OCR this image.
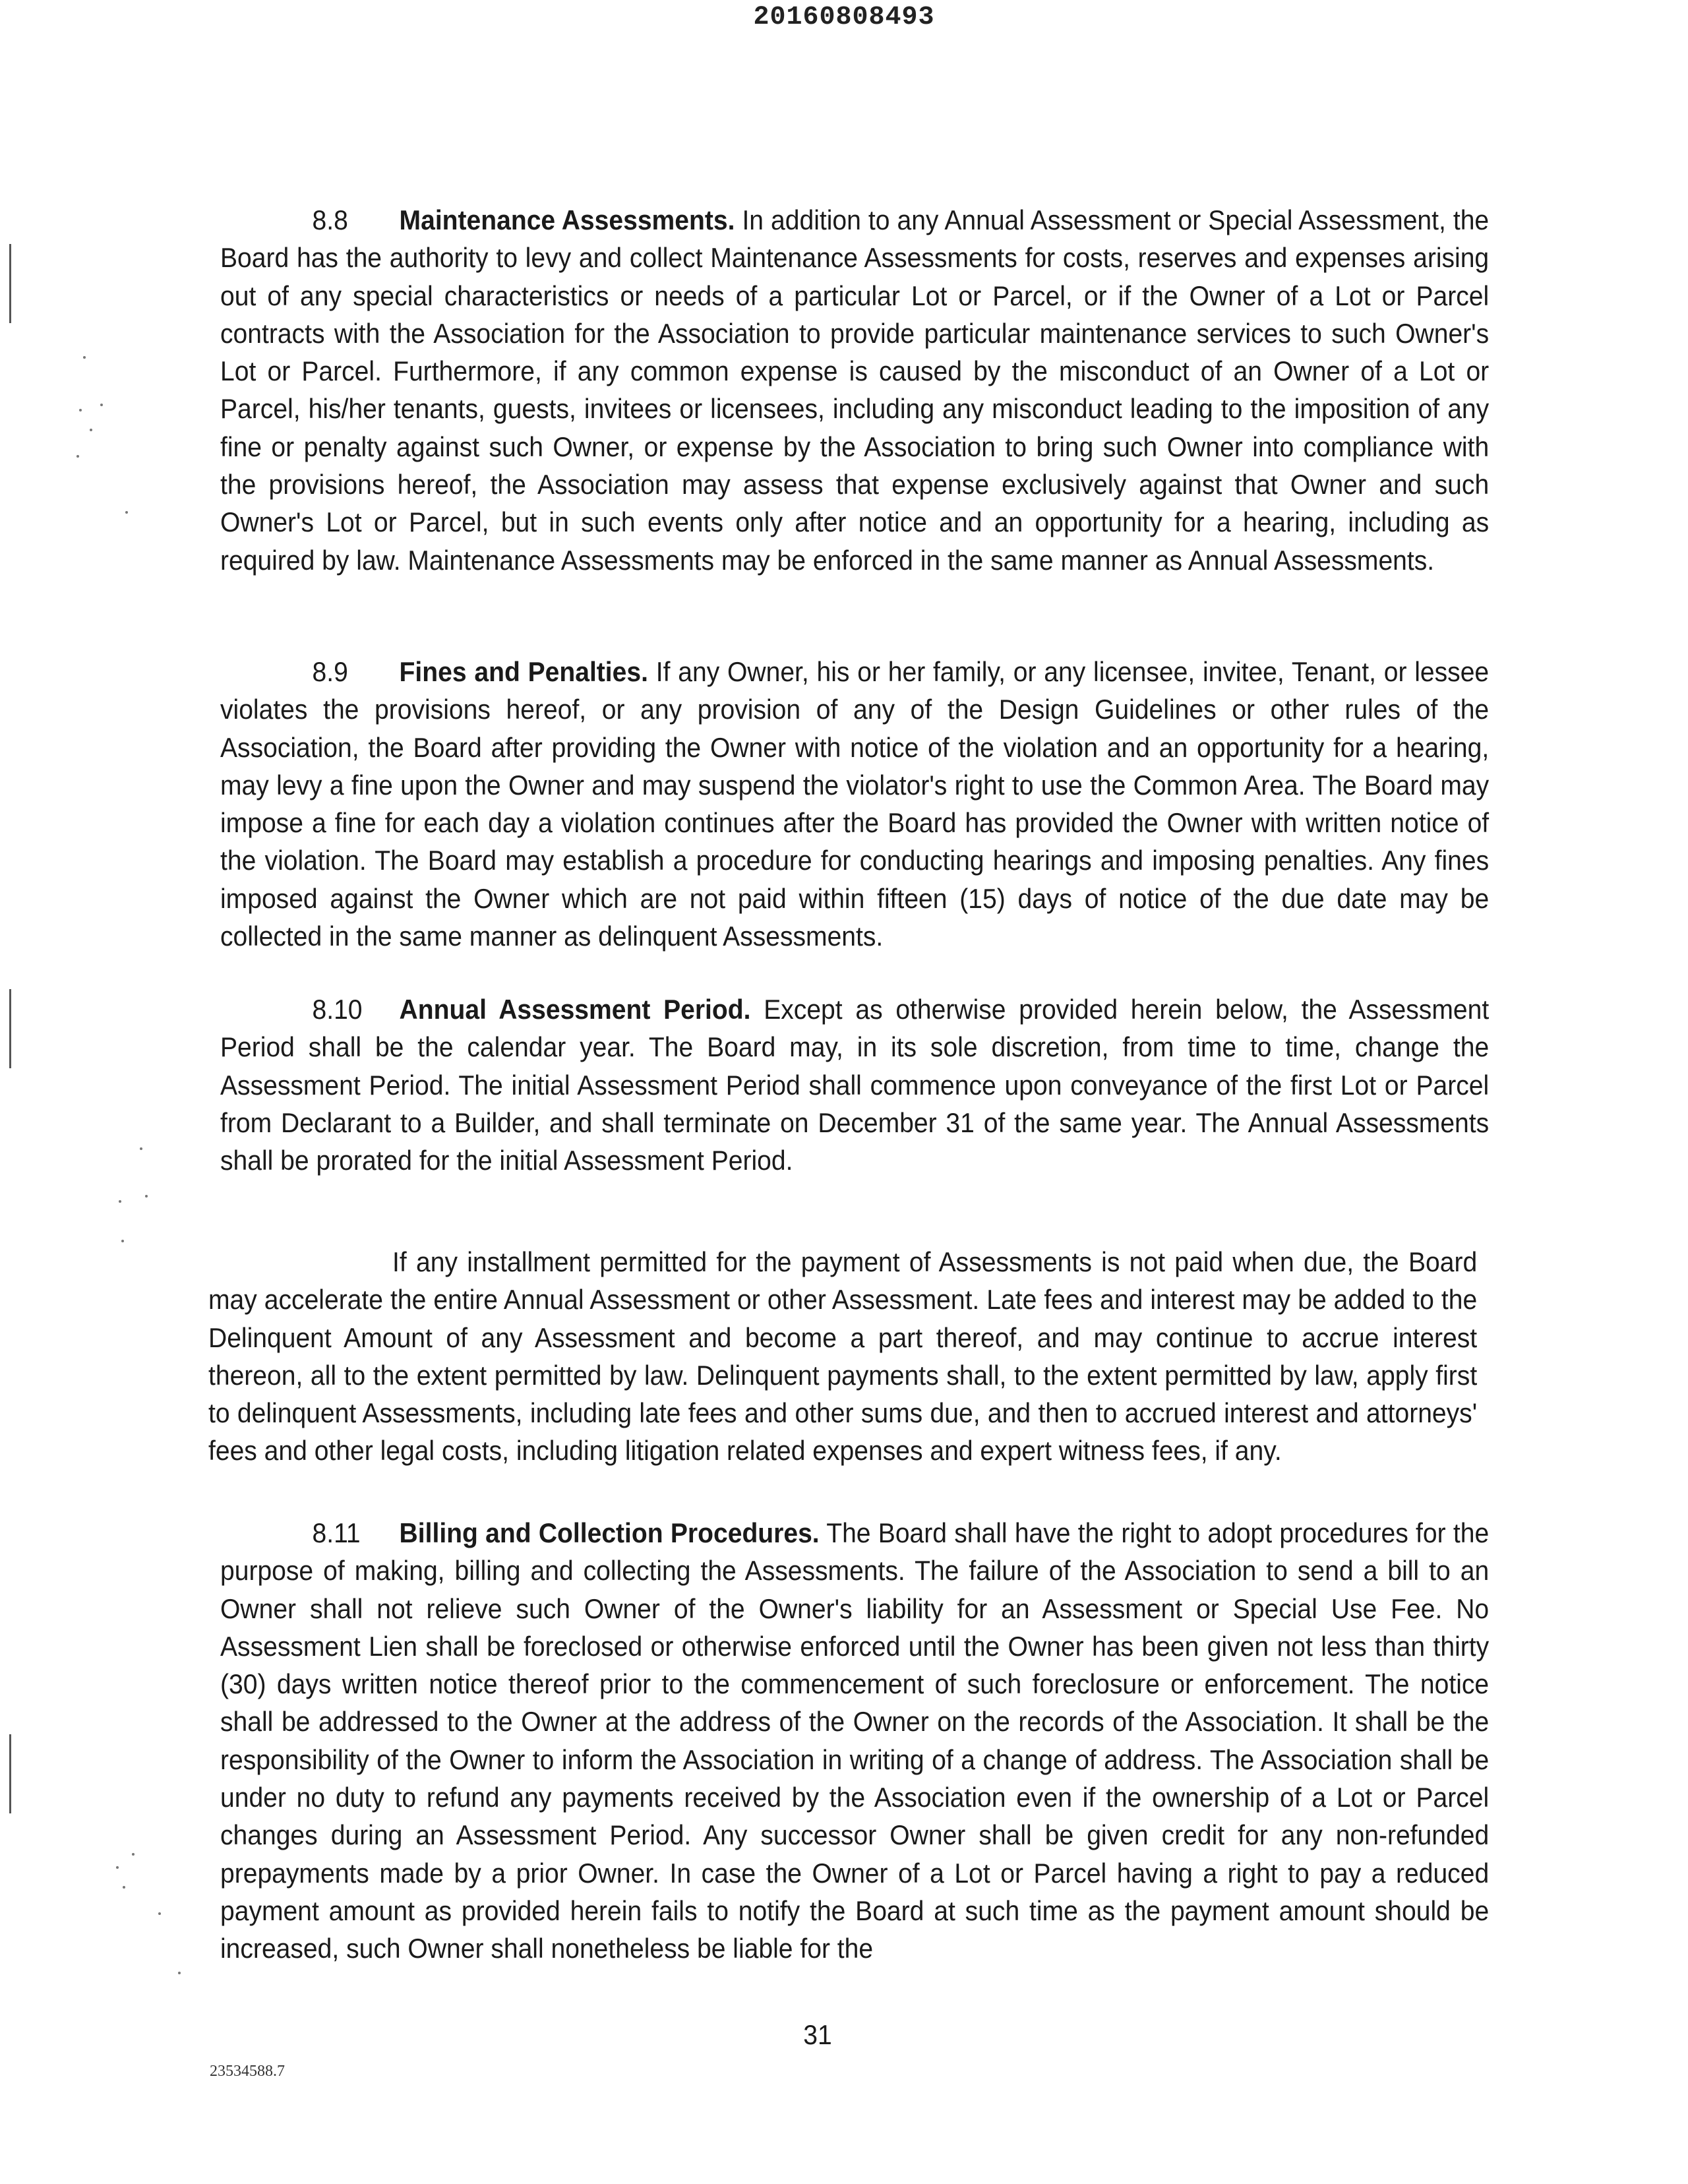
20160808493

8.8 Maintenance Assessments. In addition to any Annual Assessment or Special Assessment, the Board has the authority to levy and collect Maintenance Assessments for costs, reserves and expenses arising out of any special characteristics or needs of a particular Lot or Parcel, or if the Owner of a Lot or Parcel contracts with the Association for the Association to provide particular maintenance services to such Owner's Lot or Parcel. Furthermore, if any common expense is caused by the misconduct of an Owner of a Lot or Parcel, his/her tenants, guests, invitees or licensees, including any misconduct leading to the imposition of any fine or penalty against such Owner, or expense by the Association to bring such Owner into compliance with the provisions hereof, the Association may assess that expense exclusively against that Owner and such Owner's Lot or Parcel, but in such events only after notice and an opportunity for a hearing, including as required by law. Maintenance Assessments may be enforced in the same manner as Annual Assessments.

8.9 Fines and Penalties. If any Owner, his or her family, or any licensee, invitee, Tenant, or lessee violates the provisions hereof, or any provision of any of the Design Guidelines or other rules of the Association, the Board after providing the Owner with notice of the violation and an opportunity for a hearing, may levy a fine upon the Owner and may suspend the violator's right to use the Common Area. The Board may impose a fine for each day a violation continues after the Board has provided the Owner with written notice of the violation. The Board may establish a procedure for conducting hearings and imposing penalties. Any fines imposed against the Owner which are not paid within fifteen (15) days of notice of the due date may be collected in the same manner as delinquent Assessments.

8.10 Annual Assessment Period. Except as otherwise provided herein below, the Assessment Period shall be the calendar year. The Board may, in its sole discretion, from time to time, change the Assessment Period. The initial Assessment Period shall commence upon conveyance of the first Lot or Parcel from Declarant to a Builder, and shall terminate on December 31 of the same year. The Annual Assessments shall be prorated for the initial Assessment Period.

If any installment permitted for the payment of Assessments is not paid when due, the Board may accelerate the entire Annual Assessment or other Assessment. Late fees and interest may be added to the Delinquent Amount of any Assessment and become a part thereof, and may continue to accrue interest thereon, all to the extent permitted by law. Delinquent payments shall, to the extent permitted by law, apply first to delinquent Assessments, including late fees and other sums due, and then to accrued interest and attorneys' fees and other legal costs, including litigation related expenses and expert witness fees, if any.

8.11 Billing and Collection Procedures. The Board shall have the right to adopt procedures for the purpose of making, billing and collecting the Assessments. The failure of the Association to send a bill to an Owner shall not relieve such Owner of the Owner's liability for an Assessment or Special Use Fee. No Assessment Lien shall be foreclosed or otherwise enforced until the Owner has been given not less than thirty (30) days written notice thereof prior to the commencement of such foreclosure or enforcement. The notice shall be addressed to the Owner at the address of the Owner on the records of the Association. It shall be the responsibility of the Owner to inform the Association in writing of a change of address. The Association shall be under no duty to refund any payments received by the Association even if the ownership of a Lot or Parcel changes during an Assessment Period. Any successor Owner shall be given credit for any non-refunded prepayments made by a prior Owner. In case the Owner of a Lot or Parcel having a right to pay a reduced payment amount as provided herein fails to notify the Board at such time as the payment amount should be increased, such Owner shall nonetheless be liable for the

31
23534588.7
